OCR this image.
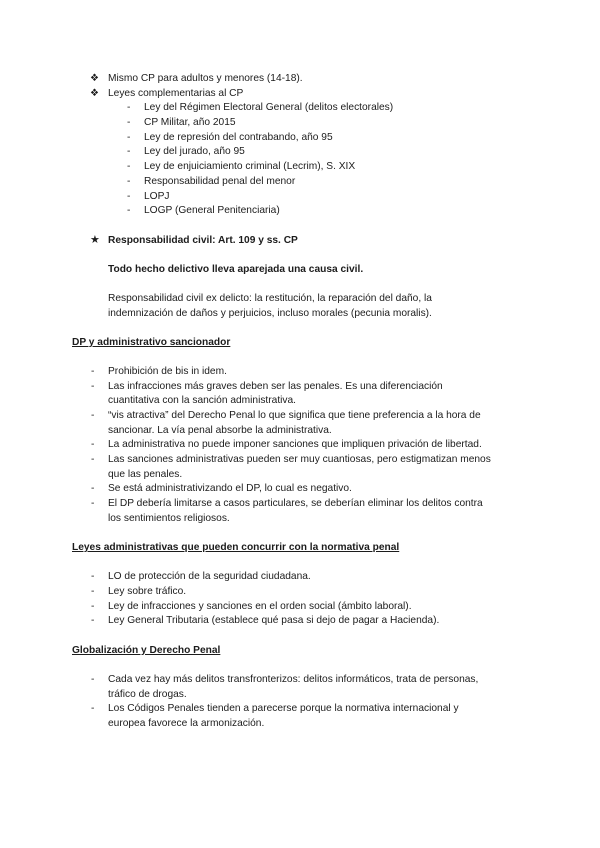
❖ Mismo CP para adultos y menores (14-18).
❖ Leyes complementarias al CP
- Ley del Régimen Electoral General (delitos electorales)
- CP Militar, año 2015
- Ley de represión del contrabando, año 95
- Ley del jurado, año 95
- Ley de enjuiciamiento criminal (Lecrim), S. XIX
- Responsabilidad penal del menor
- LOPJ
- LOGP (General Penitenciaria)
★ Responsabilidad civil: Art. 109 y ss. CP
Todo hecho delictivo lleva aparejada una causa civil.
Responsabilidad civil ex delicto: la restitución, la reparación del daño, la
indemnización de daños y perjuicios, incluso morales (pecunia moralis).
DP y administrativo sancionador
- Prohibición de bis in idem.
- Las infracciones más graves deben ser las penales. Es una diferenciación
cuantitativa con la sanción administrativa.
- “vis atractiva” del Derecho Penal lo que significa que tiene preferencia a la hora de
sancionar. La vía penal absorbe la administrativa.
- La administrativa no puede imponer sanciones que impliquen privación de libertad.
- Las sanciones administrativas pueden ser muy cuantiosas, pero estigmatizan menos
que las penales.
- Se está administrativizando el DP, lo cual es negativo.
- El DP debería limitarse a casos particulares, se deberían eliminar los delitos contra
los sentimientos religiosos.
Leyes administrativas que pueden concurrir con la normativa penal
- LO de protección de la seguridad ciudadana.
- Ley sobre tráfico.
- Ley de infracciones y sanciones en el orden social (ámbito laboral).
- Ley General Tributaria (establece qué pasa si dejo de pagar a Hacienda).
Globalización y Derecho Penal
- Cada vez hay más delitos transfronterizos: delitos informáticos, trata de personas,
tráfico de drogas.
- Los Códigos Penales tienden a parecerse porque la normativa internacional y
europea favorece la armonización.
